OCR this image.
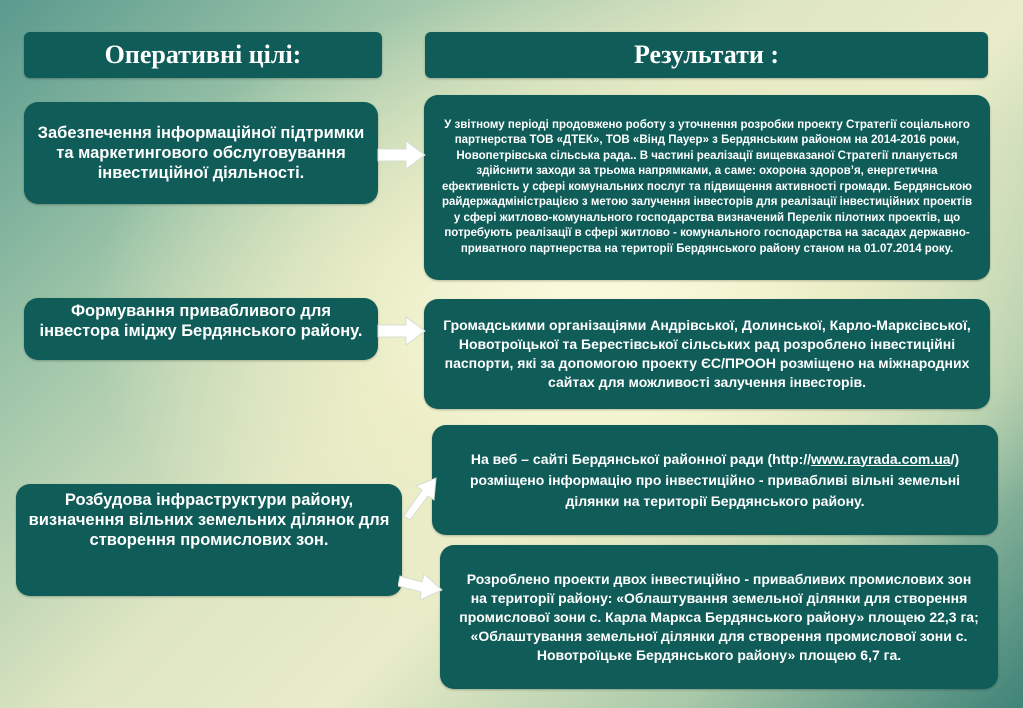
Оперативні цілі:	Результати :
Забезпечення інформаційної підтримки та маркетингового обслуговування інвестиційної діяльності.
Формування привабливого для інвестора іміджу Бердянського району.
Розбудова інфраструктури району, визначення вільних земельних ділянок для створення промислових зон.
У звітному періоді продовжено роботу з уточнення розробки проекту Стратегії соціального партнерства ТОВ «ДТЕК», ТОВ «Вінд Пауер» з Бердянським районом на 2014-2016 роки, Новопетрівська сільська рада.. В частині реалізації вищевказаної Стратегії планується здійснити заходи за трьома напрямками, а саме: охорона здоров’я, енергетична ефективність у сфері комунальних послуг та підвищення активності громади. Бердянською райдержадміністрацією з метою залучення інвесторів для реалізації інвестиційних проектів у сфері житлово-комунального господарства визначений Перелік пілотних проектів, що потребують реалізації в сфері житлово - комунального господарства на засадах державно-приватного партнерства на території Бердянського району станом на 01.07.2014 року.
Громадськими організаціями Андрівської, Долинської, Карло-Марксівської, Новотроїцької та Берестівської сільських рад розроблено інвестиційні паспорти, які за допомогою проекту ЄС/ПРООН розміщено на міжнародних сайтах для можливості залучення інвесторів.
На веб – сайті Бердянської районної ради (http://www.rayrada.com.ua/) розміщено інформацію про інвестиційно - привабливі вільні земельні ділянки на території Бердянського району.
Розроблено проекти двох інвестиційно - привабливих промислових зон на території району: «Облаштування земельної ділянки для створення промислової зони с. Карла Маркса Бердянського району» площею 22,3 га; «Облаштування земельної ділянки для створення промислової зони с. Новотроїцьке Бердянського району» площею 6,7 га.
